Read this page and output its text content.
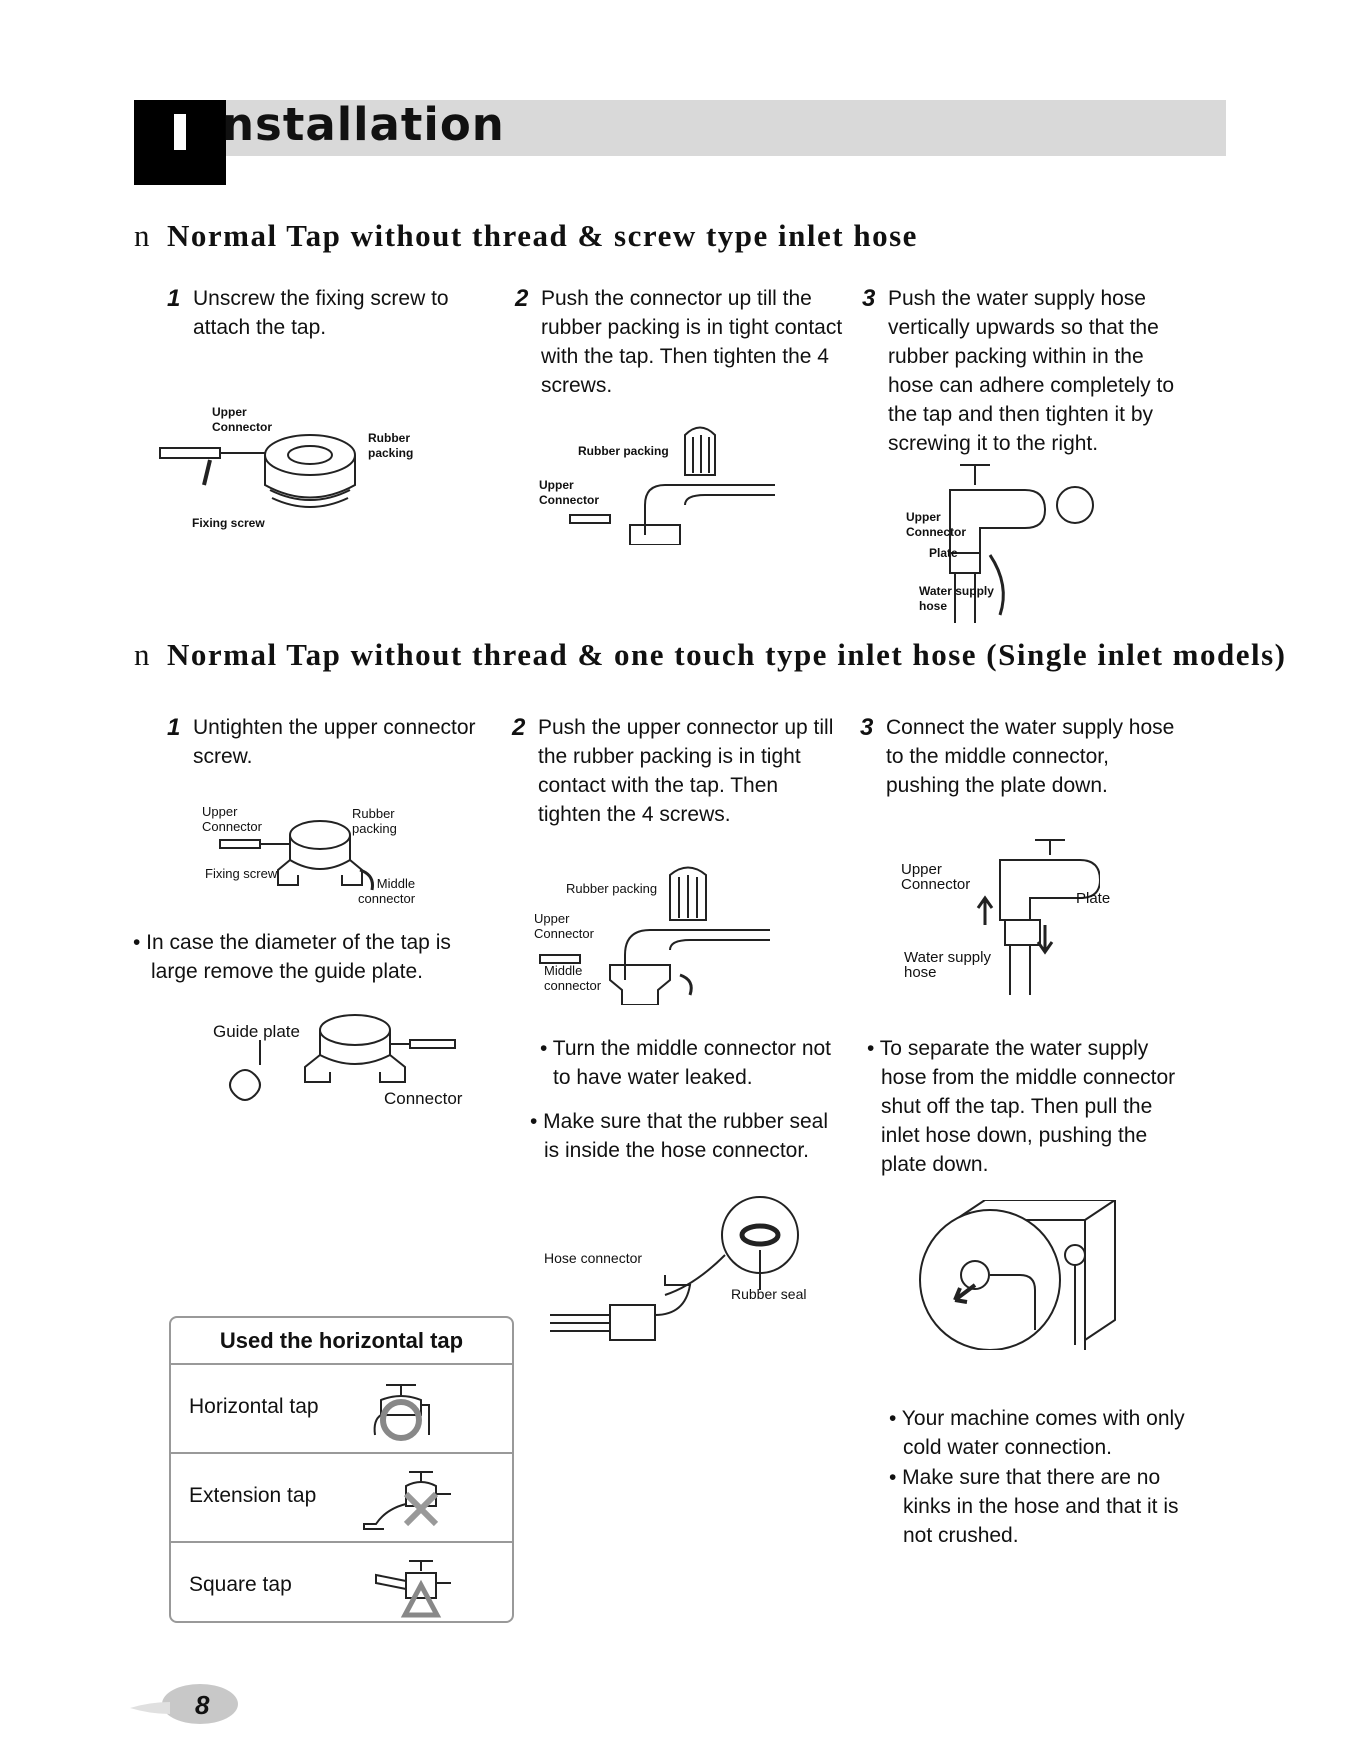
nstallation
n Normal Tap without thread & screw type inlet hose
1 Unscrew the fixing screw to
attach the tap.
2 Push the connector up till the
rubber packing is in tight contact
with the tap. Then tighten the 4
screws.
3 Push the water supply hose
vertically upwards so that the
rubber packing within in the
hose can adhere completely to
the tap and then tighten it by
screwing it to the right.
Upper
Connector
Rubber
packing
Fixing screw
Rubber packing
Upper
Connector
Upper
Connector
Plate
Water supply
hose
n Normal Tap without thread & one touch type inlet hose (Single inlet models)
1 Untighten the upper connector
screw.
2 Push the upper connector up till
the rubber packing is in tight
contact with the tap. Then
tighten the 4 screws.
3 Connect the water supply hose
to the middle connector,
pushing the plate down.
Upper
Connector
Rubber
packing
Fixing screw
Middle
connector
• In case the diameter of the tap is
large remove the guide plate.
Guide plate
Connector
Rubber packing
Upper
Connector
Middle
connector
Upper
Connector
Plate
Water supply
hose
• Turn the middle connector not
to have water leaked.
• Make sure that the rubber seal
is inside the hose connector.
• To separate the water supply
hose from the middle connector
shut off the tap. Then pull the
inlet hose down, pushing the
plate down.
Hose connector
Rubber seal
• Your machine comes with only
cold water connection.
• Make sure that there are no
kinks in the hose and that it is
not crushed.
Used the horizontal tap
Horizontal tap
Extension tap
Square tap
8
